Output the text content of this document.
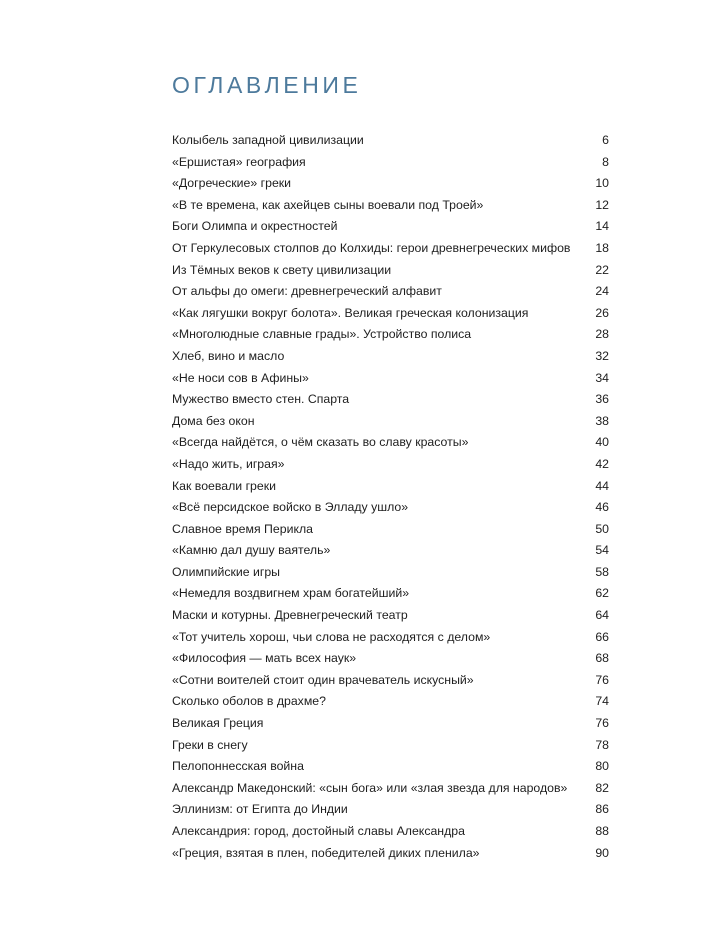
ОГЛАВЛЕНИЕ
Колыбель западной цивилизации	6
«Ершистая» география	8
«Догреческие» греки	10
«В те времена, как ахейцев сыны воевали под Троей»	12
Боги Олимпа и окрестностей	14
От Геркулесовых столпов до Колхиды: герои древнегреческих мифов	18
Из Тёмных веков к свету цивилизации	22
От альфы до омеги: древнегреческий алфавит	24
«Как лягушки вокруг болота». Великая греческая колонизация	26
«Многолюдные славные грады». Устройство полиса	28
Хлеб, вино и масло	32
«Не носи сов в Афины»	34
Мужество вместо стен. Спарта	36
Дома без окон	38
«Всегда найдётся, о чём сказать во славу красоты»	40
«Надо жить, играя»	42
Как воевали греки	44
«Всё персидское войско в Элладу ушло»	46
Славное время Перикла	50
«Камню дал душу ваятель»	54
Олимпийские игры	58
«Немедля воздвигнем храм богатейший»	62
Маски и котурны. Древнегреческий театр	64
«Тот учитель хорош, чьи слова не расходятся с делом»	66
«Философия — мать всех наук»	68
«Сотни воителей стоит один врачеватель искусный»	76
Сколько оболов в драхме?	74
Великая Греция	76
Греки в снегу	78
Пелопоннесская война	80
Александр Македонский: «сын бога» или «злая звезда для народов»	82
Эллинизм: от Египта до Индии	86
Александрия: город, достойный славы Александра	88
«Греция, взятая в плен, победителей диких пленила»	90
